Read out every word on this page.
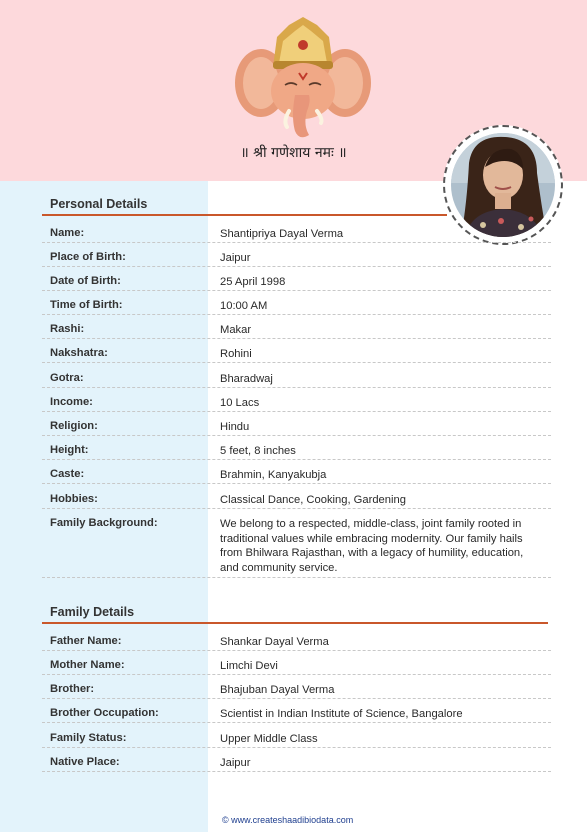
॥ श्री गणेशाय नमः ॥
Personal Details
Name:	Shantipriya Dayal Verma
Place of Birth:	Jaipur
Date of Birth:	25 April 1998
Time of Birth:	10:00 AM
Rashi:	Makar
Nakshatra:	Rohini
Gotra:	Bharadwaj
Income:	10 Lacs
Religion:	Hindu
Height:	5 feet, 8 inches
Caste:	Brahmin, Kanyakubja
Hobbies:	Classical Dance, Cooking, Gardening
Family Background:	We belong to a respected, middle-class, joint family rooted in traditional values while embracing modernity. Our family hails from Bhilwara Rajasthan, with a legacy of humility, education, and community service.
Family Details
Father Name:	Shankar Dayal Verma
Mother Name:	Limchi Devi
Brother:	Bhajuban Dayal Verma
Brother Occupation:	Scientist in Indian Institute of Science, Bangalore
Family Status:	Upper Middle Class
Native Place:	Jaipur
© www.createshaadibiodata.com
